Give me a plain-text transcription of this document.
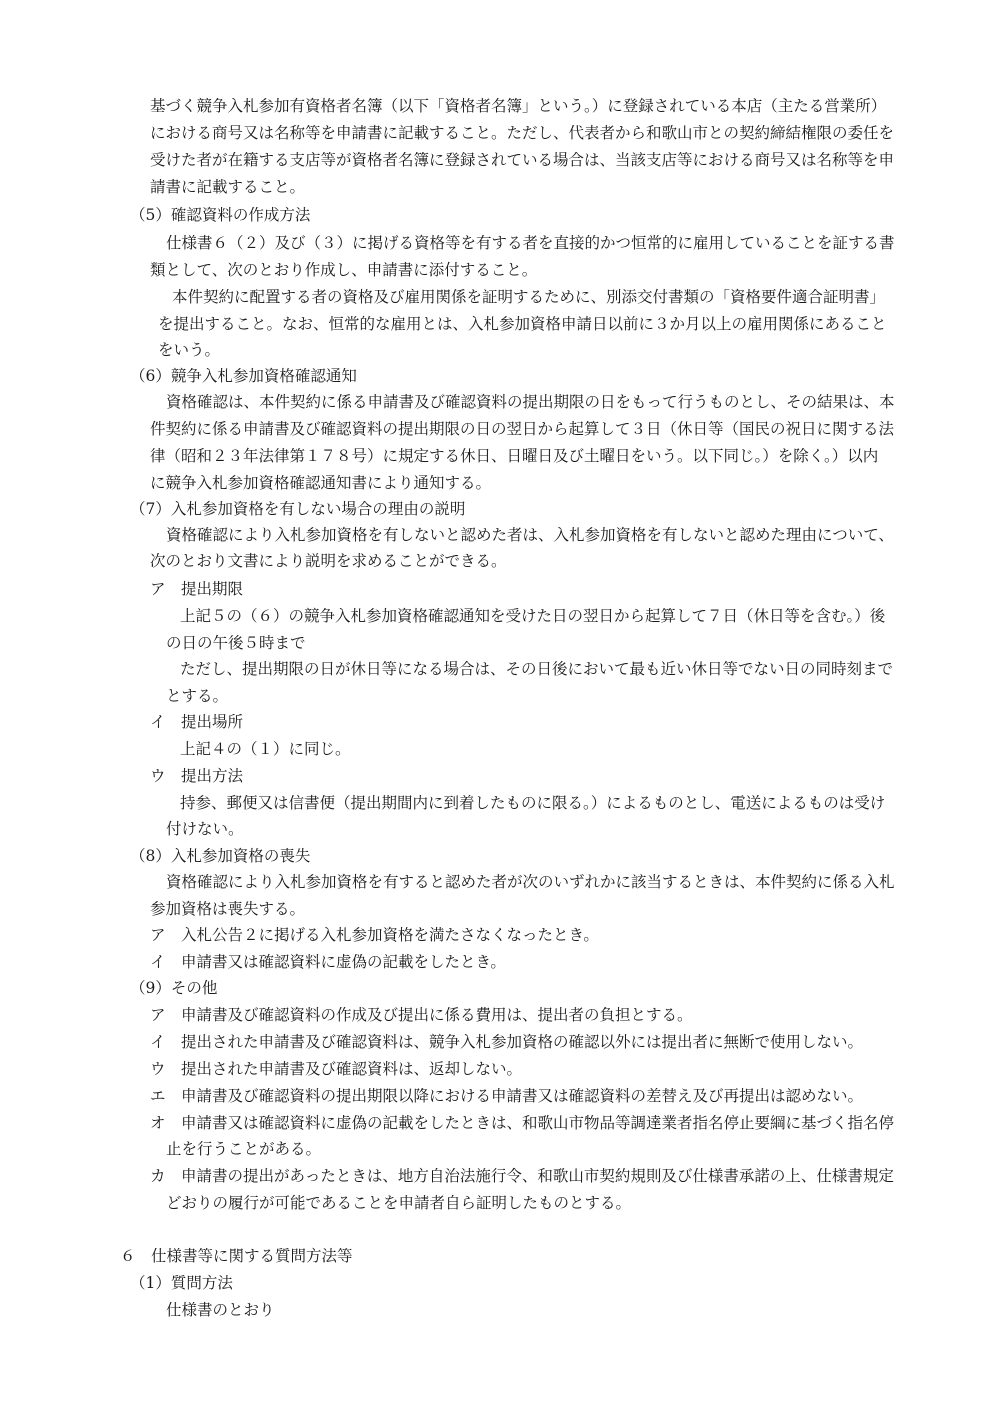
基づく競争入札参加有資格者名簿（以下「資格者名簿」という。）に登録されている本店（主たる営業所）
における商号又は名称等を申請書に記載すること。ただし、代表者から和歌山市との契約締結権限の委任を
受けた者が在籍する支店等が資格者名簿に登録されている場合は、当該支店等における商号又は名称等を申
請書に記載すること。
（5）確認資料の作成方法
仕様書６（２）及び（３）に掲げる資格等を有する者を直接的かつ恒常的に雇用していることを証する書
類として、次のとおり作成し、申請書に添付すること。
本件契約に配置する者の資格及び雇用関係を証明するために、別添交付書類の「資格要件適合証明書」
を提出すること。なお、恒常的な雇用とは、入札参加資格申請日以前に３か月以上の雇用関係にあること
をいう。
（6）競争入札参加資格確認通知
資格確認は、本件契約に係る申請書及び確認資料の提出期限の日をもって行うものとし、その結果は、本
件契約に係る申請書及び確認資料の提出期限の日の翌日から起算して３日（休日等（国民の祝日に関する法
律（昭和２３年法律第１７８号）に規定する休日、日曜日及び土曜日をいう。以下同じ。）を除く。）以内
に競争入札参加資格確認通知書により通知する。
（7）入札参加資格を有しない場合の理由の説明
資格確認により入札参加資格を有しないと認めた者は、入札参加資格を有しないと認めた理由について、
次のとおり文書により説明を求めることができる。
ア　提出期限
上記５の（６）の競争入札参加資格確認通知を受けた日の翌日から起算して７日（休日等を含む。）後
の日の午後５時まで
ただし、提出期限の日が休日等になる場合は、その日後において最も近い休日等でない日の同時刻まで
とする。
イ　提出場所
上記４の（１）に同じ。
ウ　提出方法
持参、郵便又は信書便（提出期間内に到着したものに限る。）によるものとし、電送によるものは受け
付けない。
（8）入札参加資格の喪失
資格確認により入札参加資格を有すると認めた者が次のいずれかに該当するときは、本件契約に係る入札
参加資格は喪失する。
ア　入札公告２に掲げる入札参加資格を満たさなくなったとき。
イ　申請書又は確認資料に虚偽の記載をしたとき。
（9）その他
ア　申請書及び確認資料の作成及び提出に係る費用は、提出者の負担とする。
イ　提出された申請書及び確認資料は、競争入札参加資格の確認以外には提出者に無断で使用しない。
ウ　提出された申請書及び確認資料は、返却しない。
エ　申請書及び確認資料の提出期限以降における申請書又は確認資料の差替え及び再提出は認めない。
オ　申請書又は確認資料に虚偽の記載をしたときは、和歌山市物品等調達業者指名停止要綱に基づく指名停
止を行うことがある。
カ　申請書の提出があったときは、地方自治法施行令、和歌山市契約規則及び仕様書承諾の上、仕様書規定
どおりの履行が可能であることを申請者自ら証明したものとする。
６　仕様書等に関する質問方法等
（1）質問方法
仕様書のとおり
